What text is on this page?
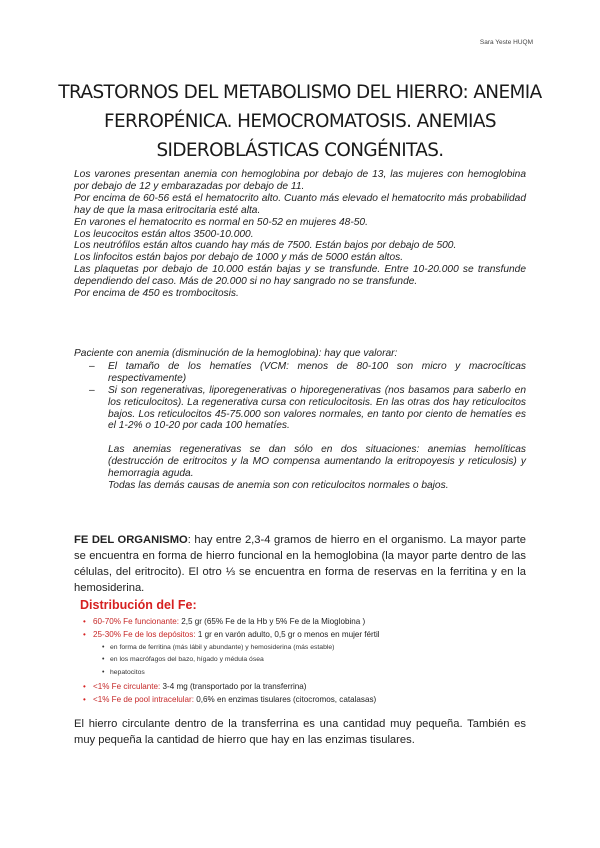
Sara Yeste HUQM
TRASTORNOS DEL METABOLISMO DEL HIERRO: ANEMIA
FERROPÉNICA. HEMOCROMATOSIS. ANEMIAS
SIDEROBLÁSTICAS CONGÉNITAS.

Los varones presentan anemia con hemoglobina por debajo de 13, las mujeres con hemoglobina por debajo de 12 y embarazadas por debajo de 11.

Por encima de 60-56 está el hematocrito alto. Cuanto más elevado el hematocrito más probabilidad hay de que la masa eritrocitaria esté alta.

En varones el hematocrito es normal en 50-52 en mujeres 48-50.

Los leucocitos están altos 3500-10.000.

Los neutrófilos están altos cuando hay más de 7500. Están bajos por debajo de 500.

Los linfocitos están bajos por debajo de 1000 y más de 5000 están altos.

Las plaquetas por debajo de 10.000 están bajas y se transfunde. Entre 10-20.000 se transfunde dependiendo del caso. Más de 20.000 si no hay sangrado no se transfunde.

Por encima de 450 es trombocitosis.

Paciente con anemia (disminución de la hemoglobina): hay que valorar:

– El tamaño de los hematíes (VCM: menos de 80-100 son micro y macrocíticas respectivamente)
– Si son regenerativas, liporegenerativas o hiporegenerativas (nos basamos para saberlo en los reticulocitos). La regenerativa cursa con reticulocitosis. En las otras dos hay reticulocitos bajos. Los reticulocitos 45-75.000 son valores normales, en tanto por ciento de hematíes es el 1-2% o 10-20 por cada 100 hematíes.

Las anemias regenerativas se dan sólo en dos situaciones: anemias hemolíticas (destrucción de eritrocitos y la MO compensa aumentando la eritropoyesis y reticulosis) y hemorragia aguda.

Todas las demás causas de anemia son con reticulocitos normales o bajos.

FE DEL ORGANISMO: hay entre 2,3-4 gramos de hierro en el organismo. La mayor parte se encuentra en forma de hierro funcional en la hemoglobina (la mayor parte dentro de las células, del eritrocito). El otro ⅓ se encuentra en forma de reservas en la ferritina y en la hemosiderina.
Distribución del Fe:
• 60-70% Fe funcionante: 2,5 gr (65% Fe de la Hb y 5% Fe de la Mioglobina )
• 25-30% Fe de los depósitos: 1 gr en varón adulto, 0,5 gr o menos en mujer fértil
• en forma de ferritina (más lábil y abundante) y hemosiderina (más estable)
• en los macrófagos del bazo, hígado y médula ósea
• hepatocitos
• <1% Fe circulante: 3-4 mg (transportado por la transferrina)
• <1% Fe de pool intracelular: 0,6% en enzimas tisulares (citocromos, catalasas)

El hierro circulante dentro de la transferrina es una cantidad muy pequeña. También es muy pequeña la cantidad de hierro que hay en las enzimas tisulares.
